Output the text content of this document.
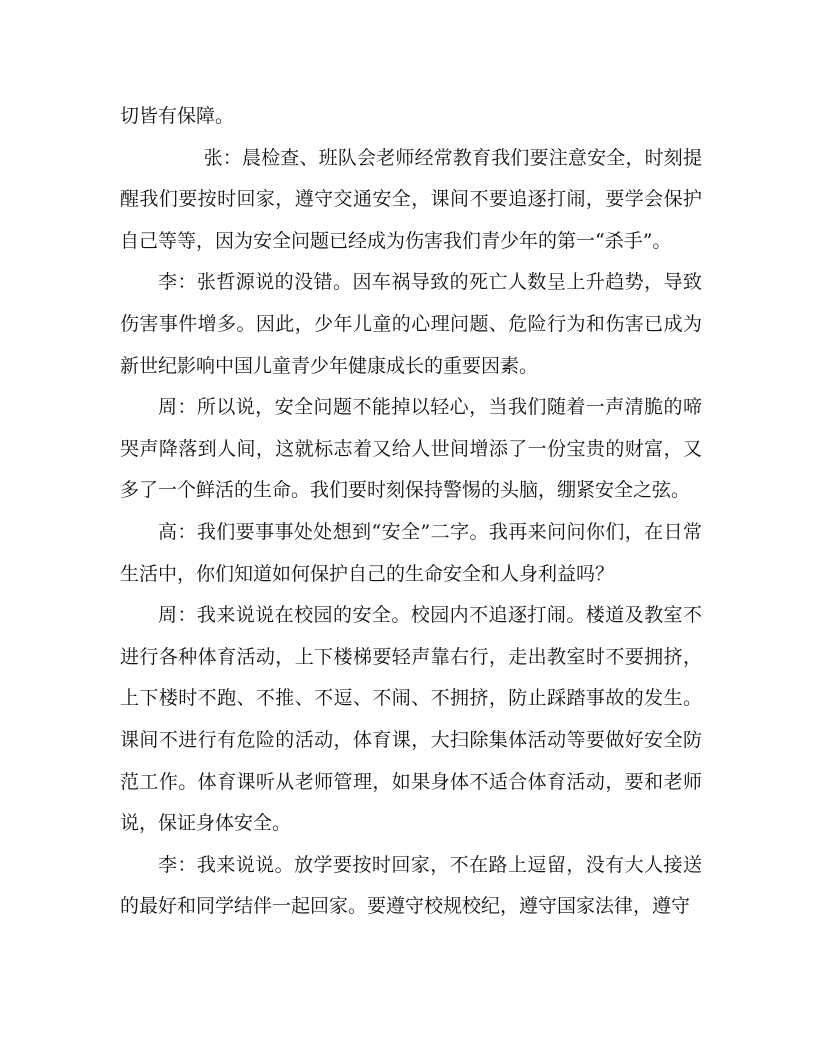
切皆有保障。

张：晨检查、班队会老师经常教育我们要注意安全，时刻提醒我们要按时回家，遵守交通安全，课间不要追逐打闹，要学会保护自己等等，因为安全问题已经成为伤害我们青少年的第一“杀手”。

李：张哲源说的没错。因车祸导致的死亡人数呈上升趋势，导致伤害事件增多。因此，少年儿童的心理问题、危险行为和伤害已成为新世纪影响中国儿童青少年健康成长的重要因素。

周：所以说，安全问题不能掉以轻心，当我们随着一声清脆的啼哭声降落到人间，这就标志着又给人世间增添了一份宝贵的财富，又多了一个鲜活的生命。我们要时刻保持警惕的头脑，绷紧安全之弦。

高：我们要事事处处想到“安全”二字。我再来问问你们，在日常生活中，你们知道如何保护自己的生命安全和人身利益吗？

周：我来说说在校园的安全。校园内不追逐打闹。楼道及教室不进行各种体育活动，上下楼梯要轻声靠右行，走出教室时不要拥挤，上下楼时不跑、不推、不逗、不闹、不拥挤，防止踩踏事故的发生。课间不进行有危险的活动，体育课，大扫除集体活动等要做好安全防范工作。体育课听从老师管理，如果身体不适合体育活动，要和老师说，保证身体安全。

李：我来说说。放学要按时回家，不在路上逗留，没有大人接送的最好和同学结伴一起回家。要遵守校规校纪，遵守国家法律，遵守
